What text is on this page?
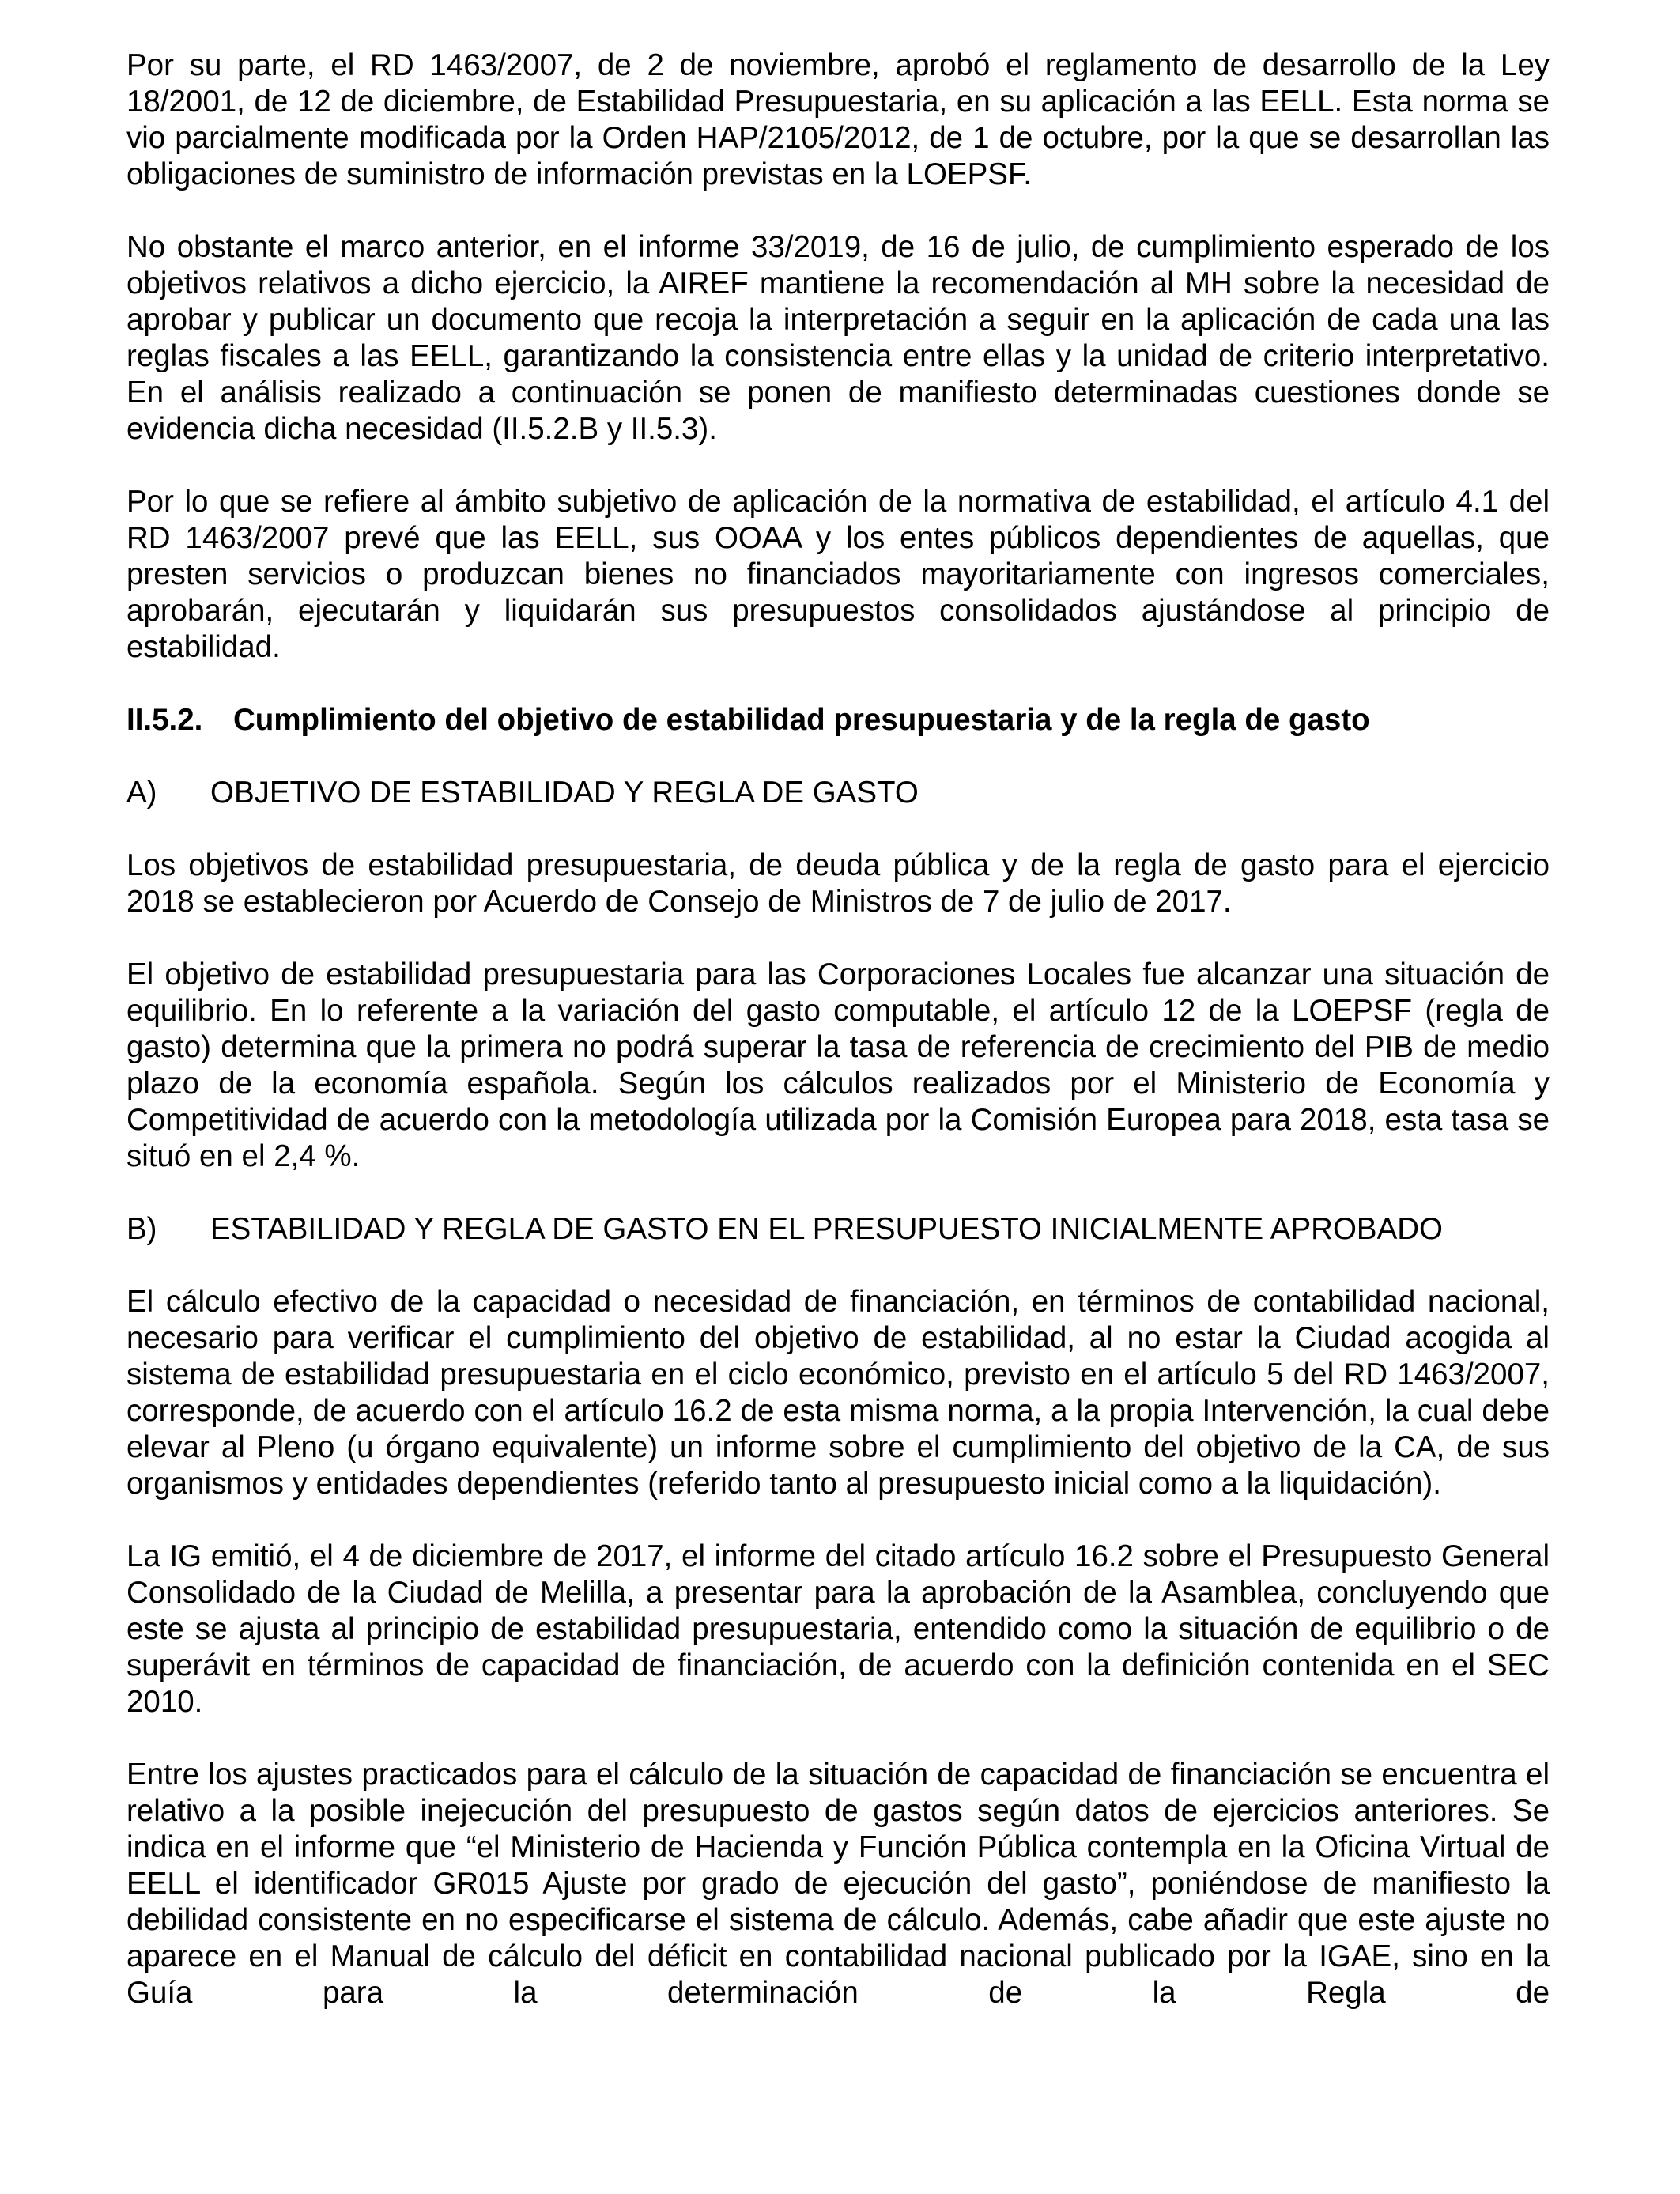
Por su parte, el RD 1463/2007, de 2 de noviembre, aprobó el reglamento de desarrollo de la Ley 18/2001, de 12 de diciembre, de Estabilidad Presupuestaria, en su aplicación a las EELL. Esta norma se vio parcialmente modificada por la Orden HAP/2105/2012, de 1 de octubre, por la que se desarrollan las obligaciones de suministro de información previstas en la LOEPSF.

No obstante el marco anterior, en el informe 33/2019, de 16 de julio, de cumplimiento esperado de los objetivos relativos a dicho ejercicio, la AIREF mantiene la recomendación al MH sobre la necesidad de aprobar y publicar un documento que recoja la interpretación a seguir en la aplicación de cada una las reglas fiscales a las EELL, garantizando la consistencia entre ellas y la unidad de criterio interpretativo. En el análisis realizado a continuación se ponen de manifiesto determinadas cuestiones donde se evidencia dicha necesidad (II.5.2.B y II.5.3).

Por lo que se refiere al ámbito subjetivo de aplicación de la normativa de estabilidad, el artículo 4.1 del RD 1463/2007 prevé que las EELL, sus OOAA y los entes públicos dependientes de aquellas, que presten servicios o produzcan bienes no financiados mayoritariamente con ingresos comerciales, aprobarán, ejecutarán y liquidarán sus presupuestos consolidados ajustándose al principio de estabilidad.

II.5.2.	Cumplimiento del objetivo de estabilidad presupuestaria y de la regla de gasto
A)	OBJETIVO DE ESTABILIDAD Y REGLA DE GASTO

Los objetivos de estabilidad presupuestaria, de deuda pública y de la regla de gasto para el ejercicio 2018 se establecieron por Acuerdo de Consejo de Ministros de 7 de julio de 2017.

El objetivo de estabilidad presupuestaria para las Corporaciones Locales fue alcanzar una situación de equilibrio. En lo referente a la variación del gasto computable, el artículo 12 de la LOEPSF (regla de gasto) determina que la primera no podrá superar la tasa de referencia de crecimiento del PIB de medio plazo de la economía española. Según los cálculos realizados por el Ministerio de Economía y Competitividad de acuerdo con la metodología utilizada por la Comisión Europea para 2018, esta tasa se situó en el 2,4 %.

B)	ESTABILIDAD Y REGLA DE GASTO EN EL PRESUPUESTO INICIALMENTE APROBADO

El cálculo efectivo de la capacidad o necesidad de financiación, en términos de contabilidad nacional, necesario para verificar el cumplimiento del objetivo de estabilidad, al no estar la Ciudad acogida al sistema de estabilidad presupuestaria en el ciclo económico, previsto en el artículo 5 del RD 1463/2007, corresponde, de acuerdo con el artículo 16.2 de esta misma norma, a la propia Intervención, la cual debe elevar al Pleno (u órgano equivalente) un informe sobre el cumplimiento del objetivo de la CA, de sus organismos y entidades dependientes (referido tanto al presupuesto inicial como a la liquidación).

La IG emitió, el 4 de diciembre de 2017, el informe del citado artículo 16.2 sobre el Presupuesto General Consolidado de la Ciudad de Melilla, a presentar para la aprobación de la Asamblea, concluyendo que este se ajusta al principio de estabilidad presupuestaria, entendido como la situación de equilibrio o de superávit en términos de capacidad de financiación, de acuerdo con la definición contenida en el SEC 2010.

Entre los ajustes practicados para el cálculo de la situación de capacidad de financiación se encuentra el relativo a la posible inejecución del presupuesto de gastos según datos de ejercicios anteriores. Se indica en el informe que “el Ministerio de Hacienda y Función Pública contempla en la Oficina Virtual de EELL el identificador GR015 Ajuste por grado de ejecución del gasto”, poniéndose de manifiesto la debilidad consistente en no especificarse el sistema de cálculo. Además, cabe añadir que este ajuste no aparece en el Manual de cálculo del déficit en contabilidad nacional publicado por la IGAE, sino en la Guía para la determinación de la Regla de
